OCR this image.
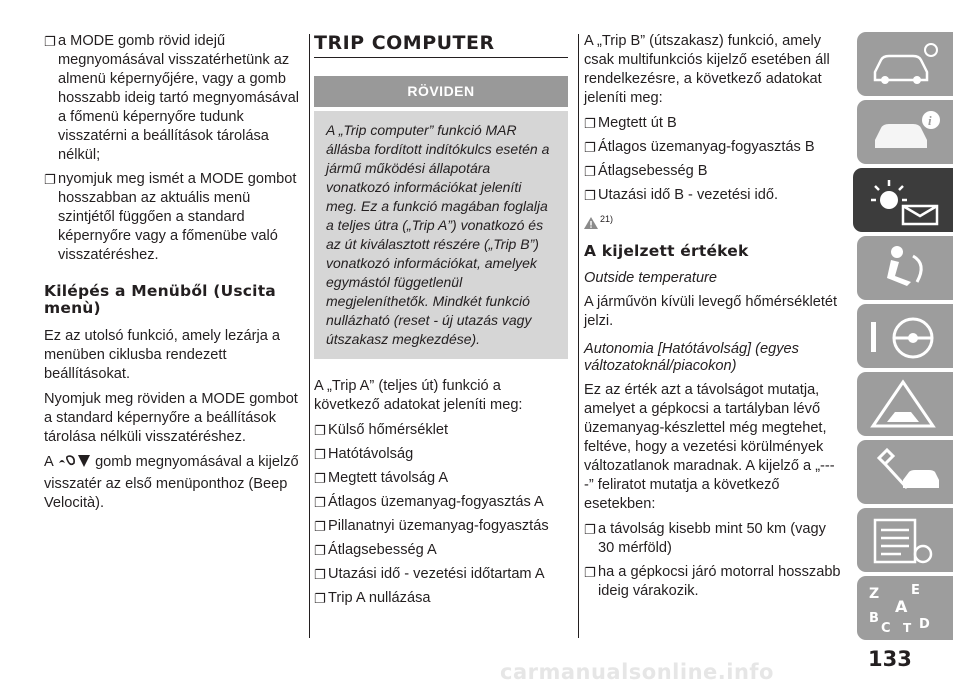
❐ a MODE gomb rövid idejű megnyomásával visszatérhetünk az almenü képernyőjére, vagy a gomb hosszabb ideig tartó megnyomásával a főmenü képernyőre tudunk visszatérni a beállítások tárolása nélkül;
❐ nyomjuk meg ismét a MODE gombot hosszabban az aktuális menü szintjétől függően a standard képernyőre vagy a főmenübe való visszatéréshez.
Kilépés a Menüből (Uscita menù)

Ez az utolsó funkció, amely lezárja a menüben ciklusba rendezett beállításokat.

Nyomjuk meg röviden a MODE gombot a standard képernyőre a beállítások tárolása nélküli visszatéréshez.

A	gomb megnyomásával a kijelző visszatér az első menüponthoz (Beep Velocità).

TRIP COMPUTER
RÖVIDEN
A „Trip computer” funkció MAR állásba fordított indítókulcs esetén a jármű működési állapotára vonatkozó információkat jeleníti meg. Ez a funkció magában foglalja a teljes útra („Trip A”) vonatkozó és az út kiválasztott részére („Trip B”) vonatkozó információkat, amelyek egymástól függetlenül megjeleníthetők. Mindkét funkció nullázható (reset - új utazás vagy útszakasz megkezdése).

A „Trip A” (teljes út) funkció a következő adatokat jeleníti meg:

❐ Külső hőmérséklet
❐ Hatótávolság
❐ Megtett távolság A
❐ Átlagos üzemanyag-fogyasztás A
❐ Pillanatnyi üzemanyag-fogyasztás
❐ Átlagsebesség A
❐ Utazási idő - vezetési időtartam A
❐ Trip A nullázása

A „Trip B” (útszakasz) funkció, amely csak multifunkciós kijelző esetében áll rendelkezésre, a következő adatokat jeleníti meg:

❐ Megtett út B
❐ Átlagos üzemanyag-fogyasztás B
❐ Átlagsebesség B
❐ Utazási idő B - vezetési idő.
21)
A kijelzett értékek

Outside temperature

A járművön kívüli levegő hőmérsékletét jelzi.

Autonomia [Hatótávolság] (egyes változatoknál/piacokon)

Ez az érték azt a távolságot mutatja, amelyet a gépkocsi a tartályban lévő üzemanyag-készlettel még megtehet, feltéve, hogy a vezetési körülmények változatlanok maradnak. A kijelző a „----” feliratot mutatja a következő esetekben:

❐ a távolság kisebb mint 50 km (vagy 30 mérföld)
❐ ha a gépkocsi járó motorral hosszabb ideig várakozik.
i
Z E
B
A
C D
T
133
carmanualsonline.info
